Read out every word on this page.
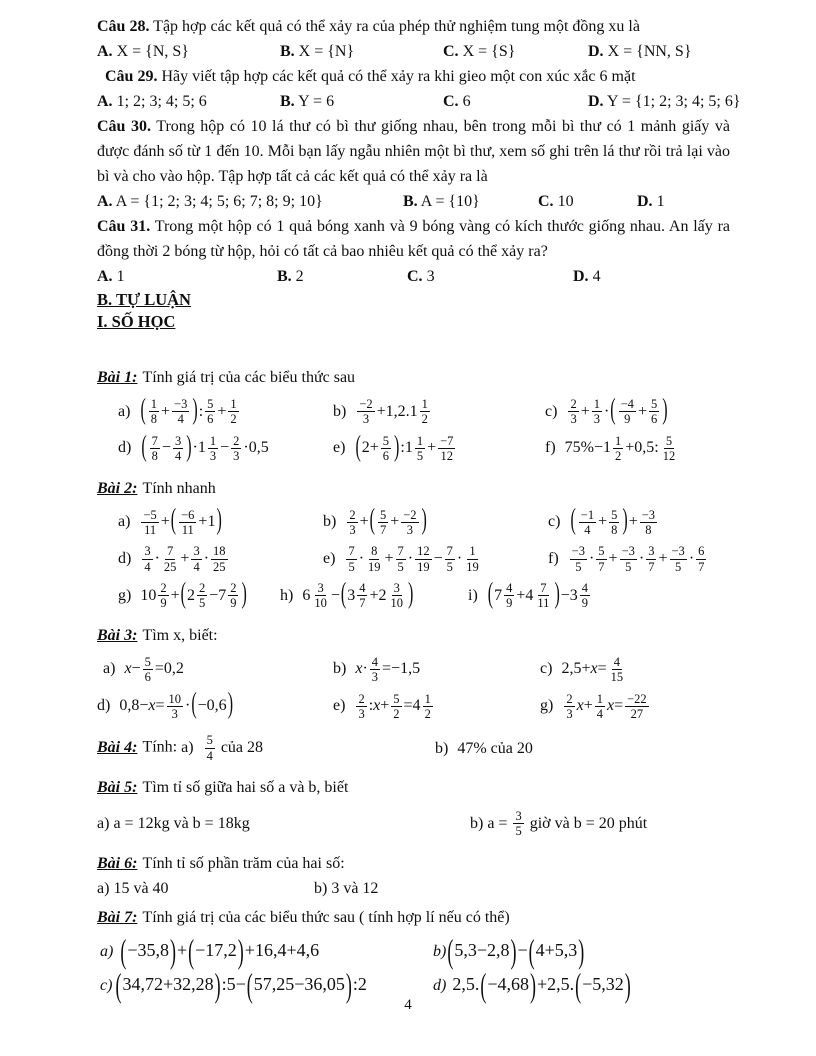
Câu 28. Tập hợp các kết quả có thể xảy ra của phép thử nghiệm tung một đồng xu là

A. X = {N, S}	B. X = {N}	C. X = {S}	D. X = {NN, S}

Câu 29. Hãy viết tập hợp các kết quả có thể xảy ra khi gieo một con xúc xắc 6 mặt

A. 1; 2; 3; 4; 5; 6	B. Y = 6	C. 6	D. Y = {1; 2; 3; 4; 5; 6}

Câu 30. Trong hộp có 10 lá thư có bì thư giống nhau, bên trong mỗi bì thư có 1 mảnh giấy và được đánh số từ 1 đến 10. Mỗi bạn lấy ngẫu nhiên một bì thư, xem số ghi trên lá thư rồi trả lại vào bì và cho vào hộp. Tập hợp tất cả các kết quả có thể xảy ra là

A. A = {1; 2; 3; 4; 5; 6; 7; 8; 9; 10}	B. A = {10}	C. 10	D. 1

Câu 31. Trong một hộp có 1 quả bóng xanh và 9 bóng vàng có kích thước giống nhau. An lấy ra đồng thời 2 bóng từ hộp, hỏi có tất cả bao nhiêu kết quả có thể xảy ra?

A. 1	B. 2	C. 3	D. 4

B. TỰ LUẬN

I. SỐ HỌC

Bài 1: Tính giá trị của các biểu thức sau

a) ( $\frac{1}{8} + \frac{-3}{4}$ ): $\frac{5}{6} + \frac{1}{2}$	$b) \frac{-2}{3} +1,2.1 \frac{1}{2}$	$c) \frac{2}{3} + \frac{1}{3}$ ·( $\frac{-4}{9} + \frac{5}{6}$ )
d) ( $\frac{7}{8} - \frac{3}{4} )\cdot 1 \frac{1}{3} - \frac{2}{3} \cdot 0,5$	e) ($2+ \frac{5}{6}$ ):1 $\frac{1}{5} + \frac{-7}{12}$	f) $75\%-1 \frac{1}{2} +0,5$: $\frac{5}{12}$

Bài 2: Tính nhanh

$a) \frac{-5}{11}$ +( $\frac{-6}{11} +1$)	$b) \frac{2}{3}$ +( $\frac{5}{7} + \frac{-2}{3}$ )	c) ( $\frac{-1}{4} + \frac{5}{8}$ )+ $\frac{-3}{8}$
$d) \frac{3}{4} \cdot \frac{7}{25} + \frac{3}{4} \cdot \frac{18}{25}$	$e) \frac{7}{5} \cdot \frac{8}{19} + \frac{7}{5} \cdot \frac{12}{19} - \frac{7}{5} \cdot \frac{1}{19}$	$f) \frac{-3}{5} \cdot \frac{5}{7} + \frac{-3}{5} \cdot \frac{3}{7} + \frac{-3}{5} \cdot \frac{6}{7}$
g) $10 \frac{2}{9} +(2 \frac{2}{5} -7 \frac{2}{9}$ )	h) $6 \frac{3}{10} -(3 \frac{4}{7} +2 \frac{3}{10}$ )	i) $(7 \frac{4}{9} +4 \frac{7}{11} )-3 \frac{4}{9}$

Bài 3: Tìm x, biết:

a) $x- \frac{5}{6} =0,2$	b) $x\cdot \frac{4}{3} =-1,5$	c) $2,5+x= \frac{4}{15}$
d) $0,8-x= \frac{10}{3} \cdot(-0,6)$	$e) \frac{2}{3}$ :x+ $\frac{5}{2} =4 \frac{1}{2}$	$g) \frac{2}{3} x+ \frac{1}{4} x= \frac{-22}{27}$
Bài 4: Tính: $a) \frac{5}{4}$ của 28	b) 47% của 20

Bài 5: Tìm tỉ số giữa hai số a và b, biết

a) a = 12kg và b = 18kg	b) $a = \frac{3}{5}$ giờ và b = 20 phút

Bài 6: Tính tỉ số phần trăm của hai số:

a) 15 và 40	b) 3 và 12

Bài 7: Tính giá trị của các biểu thức sau ( tính hợp lí nếu có thể)

a) (−35,8)+(−17,2)+16,4+4,6	b)(5,3−2,8)−(4+5,3)
c) (34,72+32,28):5−(57,25−36,05):2	d) 2,5.(−4,68)+2,5.(−5,32)
4
